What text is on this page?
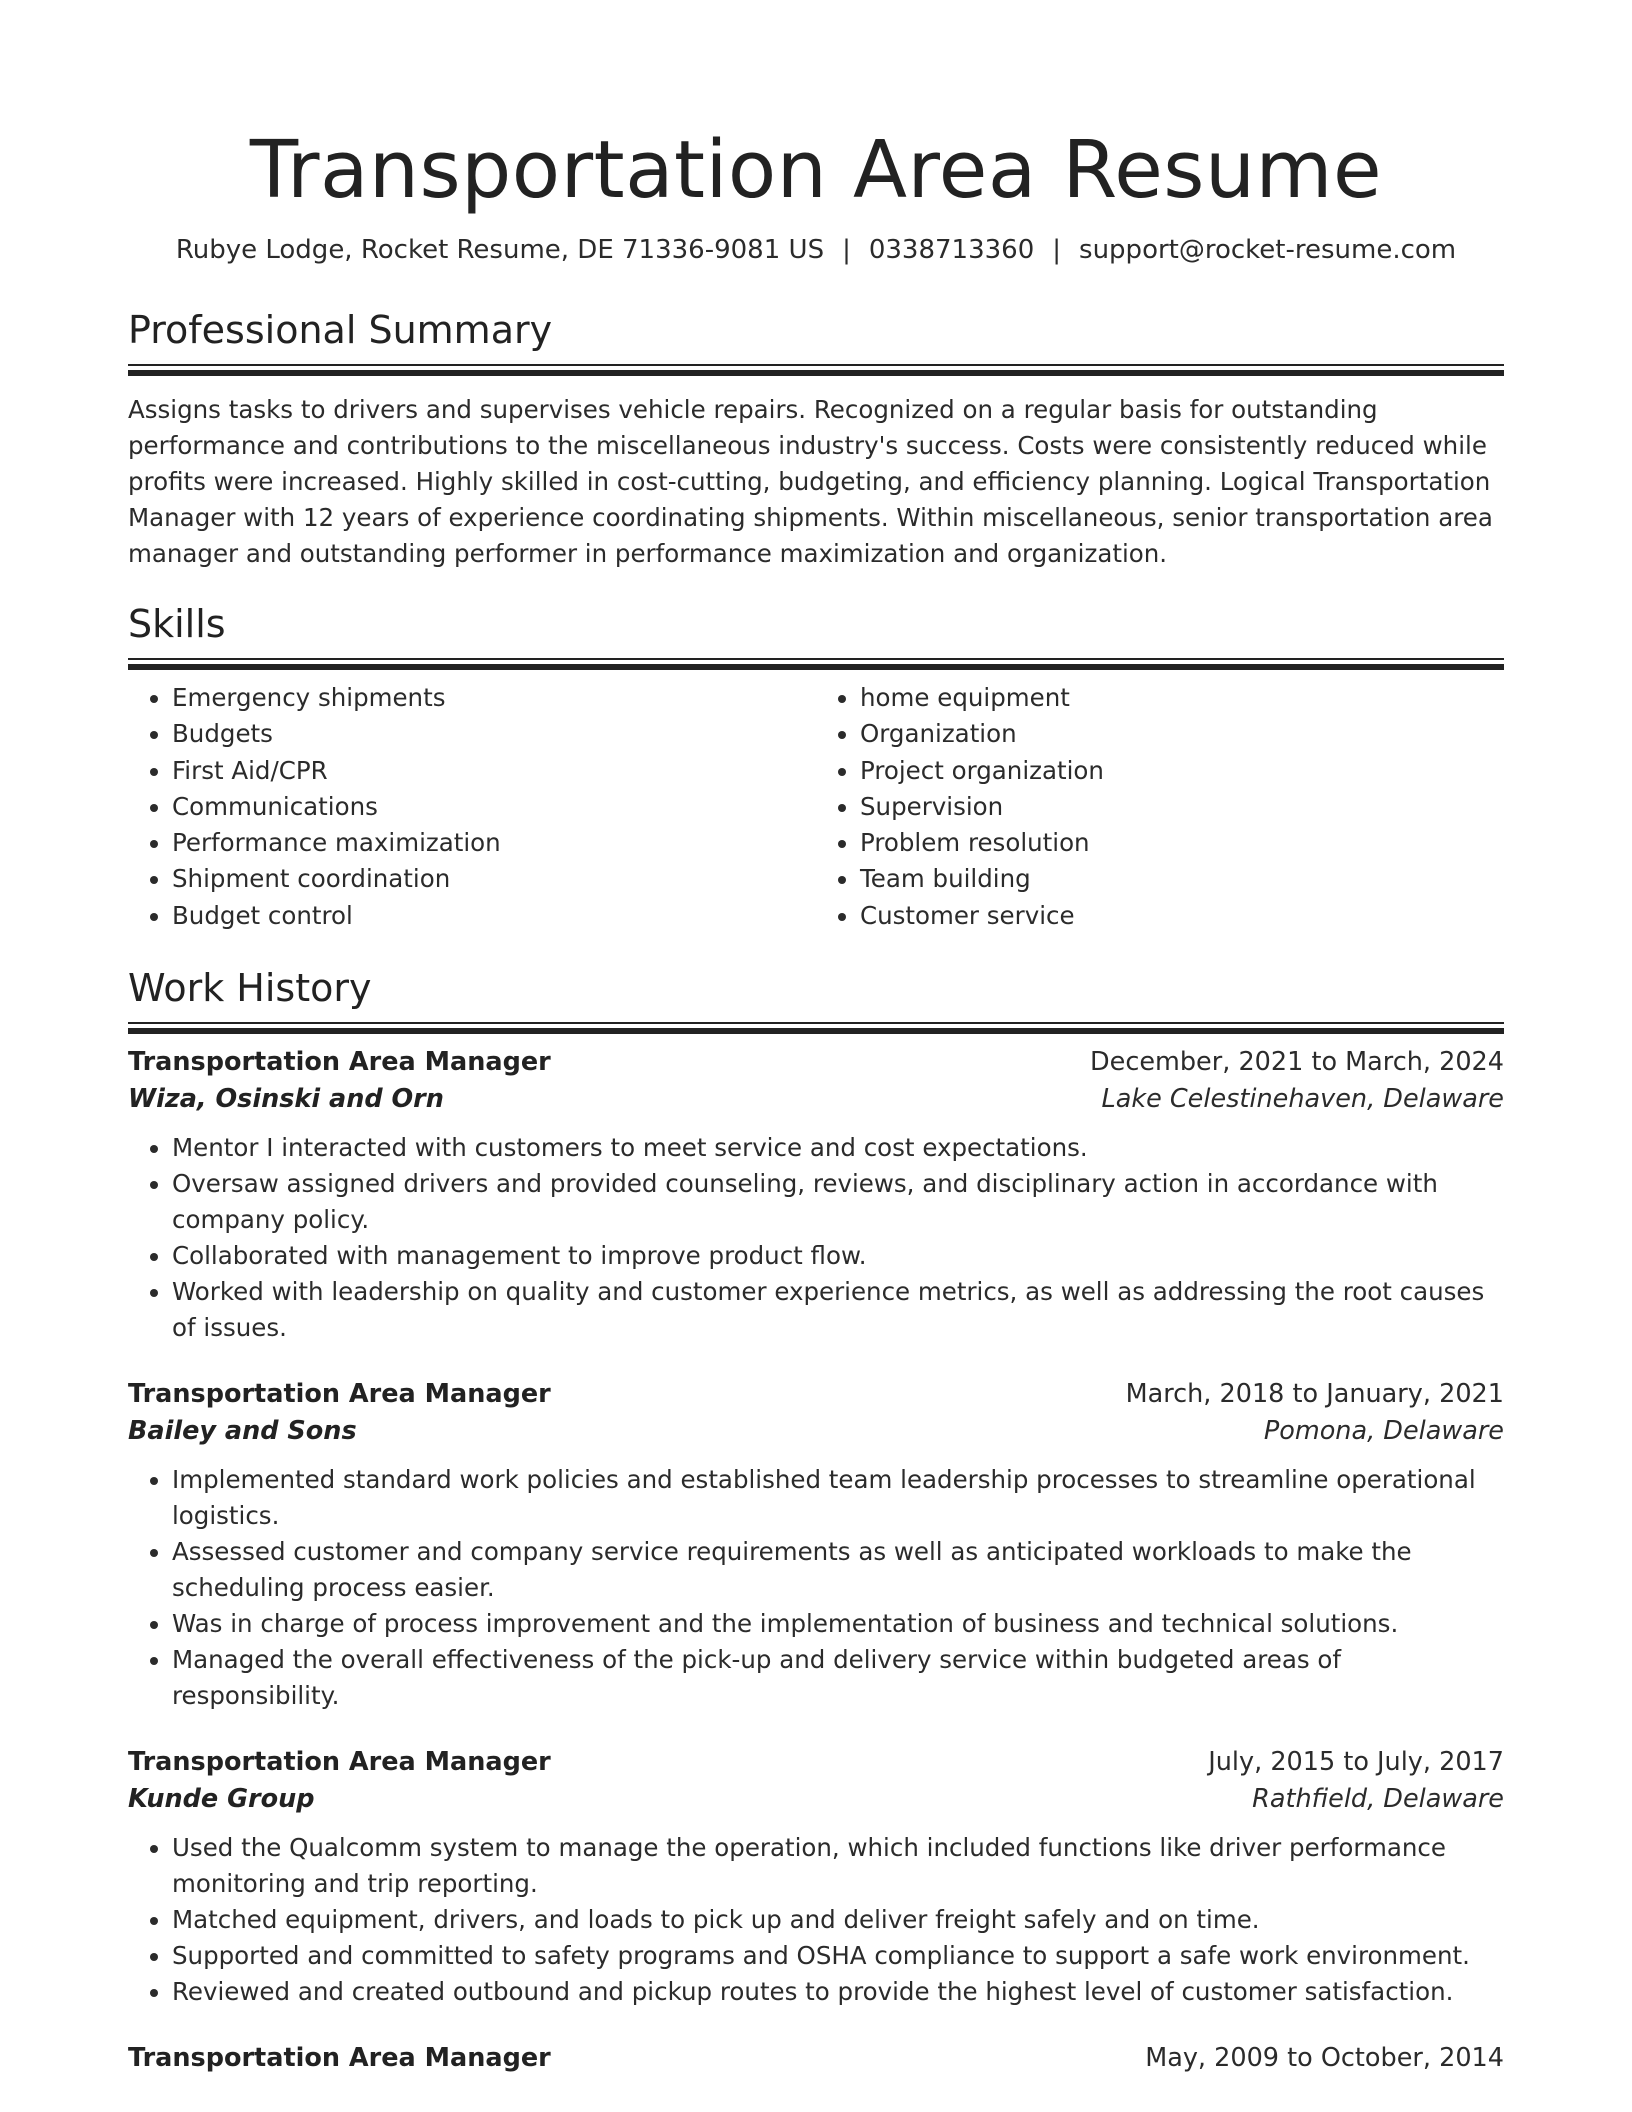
Transportation Area Resume
Rubye Lodge, Rocket Resume, DE 71336-9081 US | 0338713360 | support@rocket-resume.com
Professional Summary

Assigns tasks to drivers and supervises vehicle repairs. Recognized on a regular basis for outstanding performance and contributions to the miscellaneous industry's success. Costs were consistently reduced while profits were increased. Highly skilled in cost-cutting, budgeting, and efficiency planning. Logical Transportation Manager with 12 years of experience coordinating shipments. Within miscellaneous, senior transportation area manager and outstanding performer in performance maximization and organization.

Skills
• Emergency shipments
• Budgets
• First Aid/CPR
• Communications
• Performance maximization
• Shipment coordination
• Budget control
• home equipment
• Organization
• Project organization
• Supervision
• Problem resolution
• Team building
• Customer service
Work History
Transportation Area Manager	December, 2021 to March, 2024
Wiza, Osinski and Orn	Lake Celestinehaven, Delaware
• Mentor I interacted with customers to meet service and cost expectations.
• Oversaw assigned drivers and provided counseling, reviews, and disciplinary action in accordance with company policy.
• Collaborated with management to improve product flow.
• Worked with leadership on quality and customer experience metrics, as well as addressing the root causes of issues.
Transportation Area Manager	March, 2018 to January, 2021
Bailey and Sons	Pomona, Delaware
• Implemented standard work policies and established team leadership processes to streamline operational logistics.
• Assessed customer and company service requirements as well as anticipated workloads to make the scheduling process easier.
• Was in charge of process improvement and the implementation of business and technical solutions.
• Managed the overall effectiveness of the pick-up and delivery service within budgeted areas of responsibility.
Transportation Area Manager	July, 2015 to July, 2017
Kunde Group	Rathfield, Delaware
• Used the Qualcomm system to manage the operation, which included functions like driver performance monitoring and trip reporting.
• Matched equipment, drivers, and loads to pick up and deliver freight safely and on time.
• Supported and committed to safety programs and OSHA compliance to support a safe work environment.
• Reviewed and created outbound and pickup routes to provide the highest level of customer satisfaction.
Transportation Area Manager	May, 2009 to October, 2014
